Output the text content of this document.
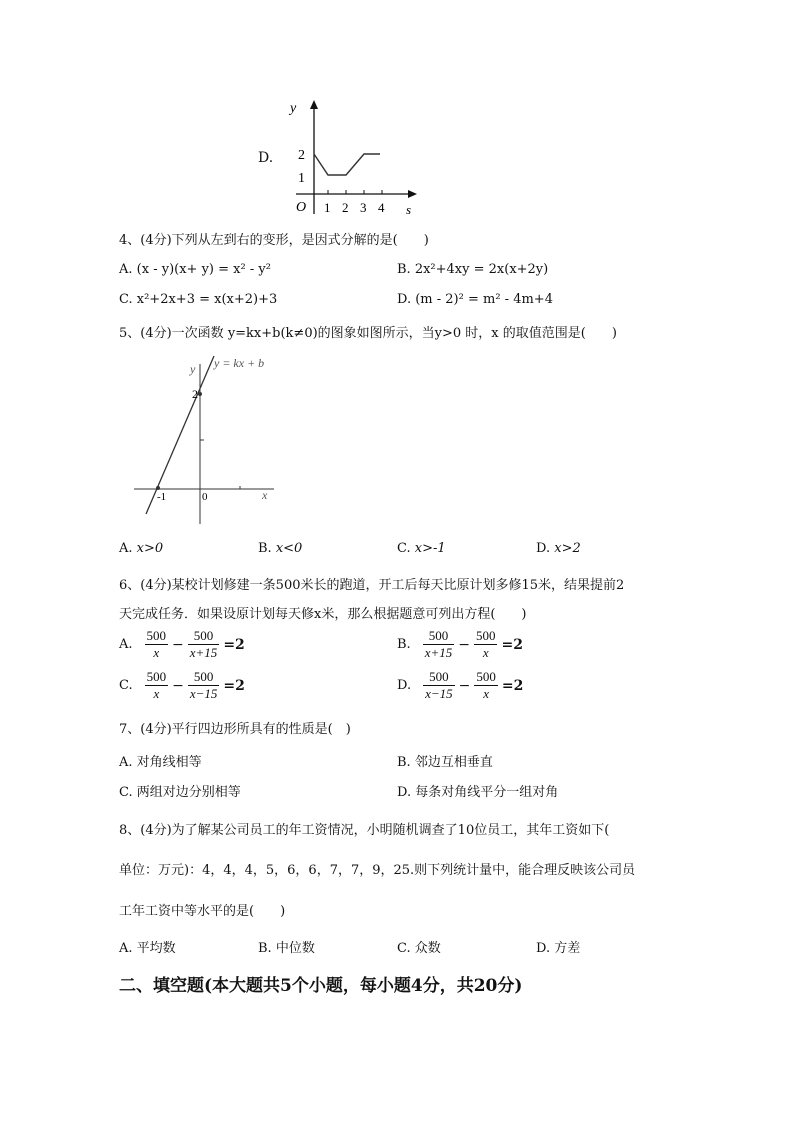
D.
y
s
O
2
1
1 2 3 4
4、(4分)下列从左到右的变形，是因式分解的是(　　)
A. (x - y)(x+ y) = x² - y²	B. 2x²+4xy = 2x(x+2y)
C. x²+2x+3 = x(x+2)+3	D. (m - 2)² = m² - 4m+4
5、(4分)一次函数 y=kx+b(k≠0)的图象如图所示，当y>0 时，x 的取值范围是(　　)
y = kx + b
y
x
2
-1	0
A. x>0	B. x<0	C. x>-1	D. x>2
6、(4分)某校计划修建一条500米长的跑道，开工后每天比原计划多修15米，结果提前2
天完成任务．如果设原计划每天修x米，那么根据题意可列出方程(　　)
A. $\frac{500}{x} - \frac{500}{x+15} =2$	B. $\frac{500}{x+15} - \frac{500}{x} =2$
C. $\frac{500}{x} - \frac{500}{x-15} =2$	D. $\frac{500}{x-15} - \frac{500}{x} =2$
7、(4分)平行四边形所具有的性质是(　)
A. 对角线相等	B. 邻边互相垂直
C. 两组对边分别相等	D. 每条对角线平分一组对角
8、(4分)为了解某公司员工的年工资情况，小明随机调查了10位员工，其年工资如下(
单位：万元)：4，4，4，5，6，6，7，7，9，25.则下列统计量中，能合理反映该公司员
工年工资中等水平的是(　　)
A. 平均数	B. 中位数	C. 众数	D. 方差
二、填空题(本大题共5个小题，每小题4分，共20分)
